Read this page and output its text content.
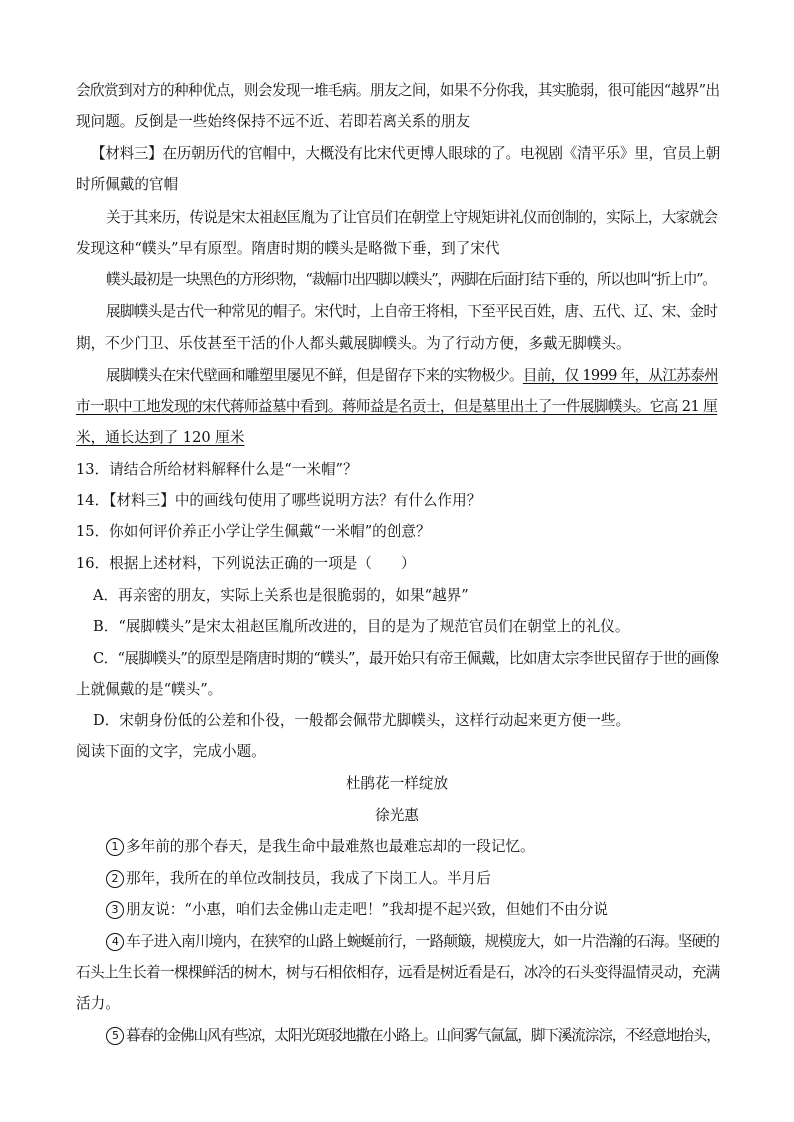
会欣赏到对方的种种优点，则会发现一堆毛病。朋友之间，如果不分你我，其实脆弱，很可能因“越界”出
现问题。反倒是一些始终保持不远不近、若即若离关系的朋友
【材料三】在历朝历代的官帽中，大概没有比宋代更博人眼球的了。电视剧《清平乐》里，官员上朝
时所佩戴的官帽
关于其来历，传说是宋太祖赵匡胤为了让官员们在朝堂上守规矩讲礼仪而创制的，实际上，大家就会
发现这种“幞头”早有原型。隋唐时期的幞头是略微下垂，到了宋代
幞头最初是一块黑色的方形织物，“裁幅巾出四脚以幞头”，两脚在后面打结下垂的，所以也叫“折上巾”。
展脚幞头是古代一种常见的帽子。宋代时，上自帝王将相，下至平民百姓，唐、五代、辽、宋、金时
期，不少门卫、乐伎甚至干活的仆人都头戴展脚幞头。为了行动方便，多戴无脚幞头。
展脚幞头在宋代壁画和雕塑里屡见不鲜，但是留存下来的实物极少。目前，仅 1999 年，从江苏泰州
市一职中工地发现的宋代蒋师益墓中看到。蒋师益是名贡士，但是墓里出土了一件展脚幞头。它高 21 厘
米，通长达到了 120 厘米
13．请结合所给材料解释什么是“一米帽”？
14．【材料三】中的画线句使用了哪些说明方法？有什么作用？
15．你如何评价养正小学让学生佩戴“一米帽”的创意？
16．根据上述材料，下列说法正确的一项是（　　）
A．再亲密的朋友，实际上关系也是很脆弱的，如果“越界”
B．“展脚幞头”是宋太祖赵匡胤所改进的，目的是为了规范官员们在朝堂上的礼仪。
C．“展脚幞头”的原型是隋唐时期的“幞头”，最开始只有帝王佩戴，比如唐太宗李世民留存于世的画像
上就佩戴的是“幞头”。
D．宋朝身份低的公差和仆役，一般都会佩带尤脚幞头，这样行动起来更方便一些。
阅读下面的文字，完成小题。
杜鹃花一样绽放
徐光惠
1 多年前的那个春天，是我生命中最难熬也最难忘却的一段记忆。
2 那年，我所在的单位改制技员，我成了下岗工人。半月后
3 朋友说：“小惠，咱们去金佛山走走吧！”我却提不起兴致，但她们不由分说
4 车子进入南川境内，在狭窄的山路上蜿蜒前行，一路颠簸，规模庞大，如一片浩瀚的石海。坚硬的
石头上生长着一棵棵鲜活的树木，树与石相依相存，远看是树近看是石，冰冷的石头变得温情灵动，充满
活力。
5 暮春的金佛山风有些凉，太阳光斑驳地撒在小路上。山间雾气氤氲，脚下溪流淙淙，不经意地抬头，
